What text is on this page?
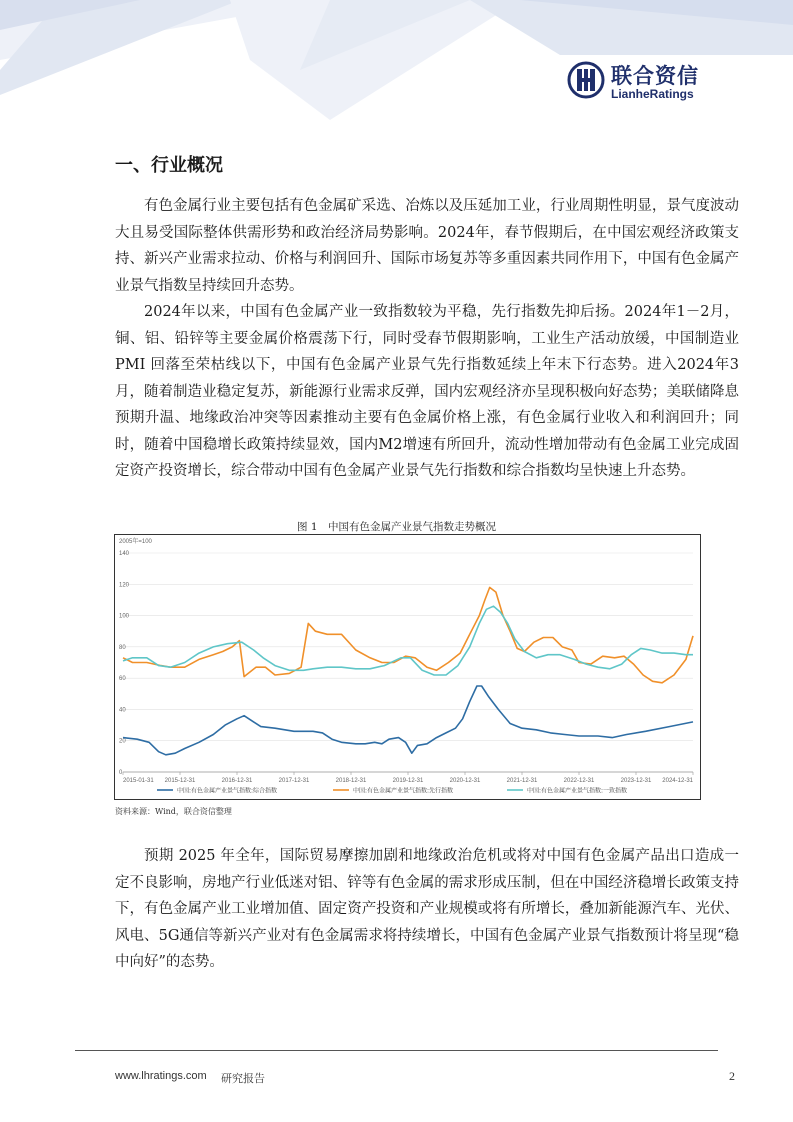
联合资信
LianheRatings
一、行业概况

有色金属行业主要包括有色金属矿采选、冶炼以及压延加工业，行业周期性明显，景气度波动大且易受国际整体供需形势和政治经济局势影响。2024年，春节假期后，在中国宏观经济政策支持、新兴产业需求拉动、价格与利润回升、国际市场复苏等多重因素共同作用下，中国有色金属产业景气指数呈持续回升态势。

2024年以来，中国有色金属产业一致指数较为平稳，先行指数先抑后扬。2024年1－2月，铜、铝、铅锌等主要金属价格震荡下行，同时受春节假期影响，工业生产活动放缓，中国制造业 PMI 回落至荣枯线以下，中国有色金属产业景气先行指数延续上年末下行态势。进入2024年3月，随着制造业稳定复苏，新能源行业需求反弹，国内宏观经济亦呈现积极向好态势；美联储降息预期升温、地缘政治冲突等因素推动主要有色金属价格上涨，有色金属行业收入和利润回升；同时，随着中国稳增长政策持续显效，国内M2增速有所回升，流动性增加带动有色金属工业完成固定资产投资增长，综合带动中国有色金属产业景气先行指数和综合指数均呈快速上升态势。

图 1　中国有色金属产业景气指数走势概况
2005年=100
0
20
40
60
80
100
120
140
2015-01-31 2015-12-31	2016-12-31	2017-12-31	2018-12-31	2019-12-31	2020-12-31	2021-12-31	2022-12-31	2023-12-31 2024-12-31
中国:有色金属产业景气指数:综合指数	中国:有色金属产业景气指数:先行指数	中国:有色金属产业景气指数:一致指数
资料来源：Wind，联合资信整理

预期 2025 年全年，国际贸易摩擦加剧和地缘政治危机或将对中国有色金属产品出口造成一定不良影响，房地产行业低迷对铝、锌等有色金属的需求形成压制，但在中国经济稳增长政策支持下，有色金属产业工业增加值、固定资产投资和产业规模或将有所增长，叠加新能源汽车、光伏、风电、5G通信等新兴产业对有色金属需求将持续增长，中国有色金属产业景气指数预计将呈现“稳中向好”的态势。

www.lhratings.com 研究报告	2
